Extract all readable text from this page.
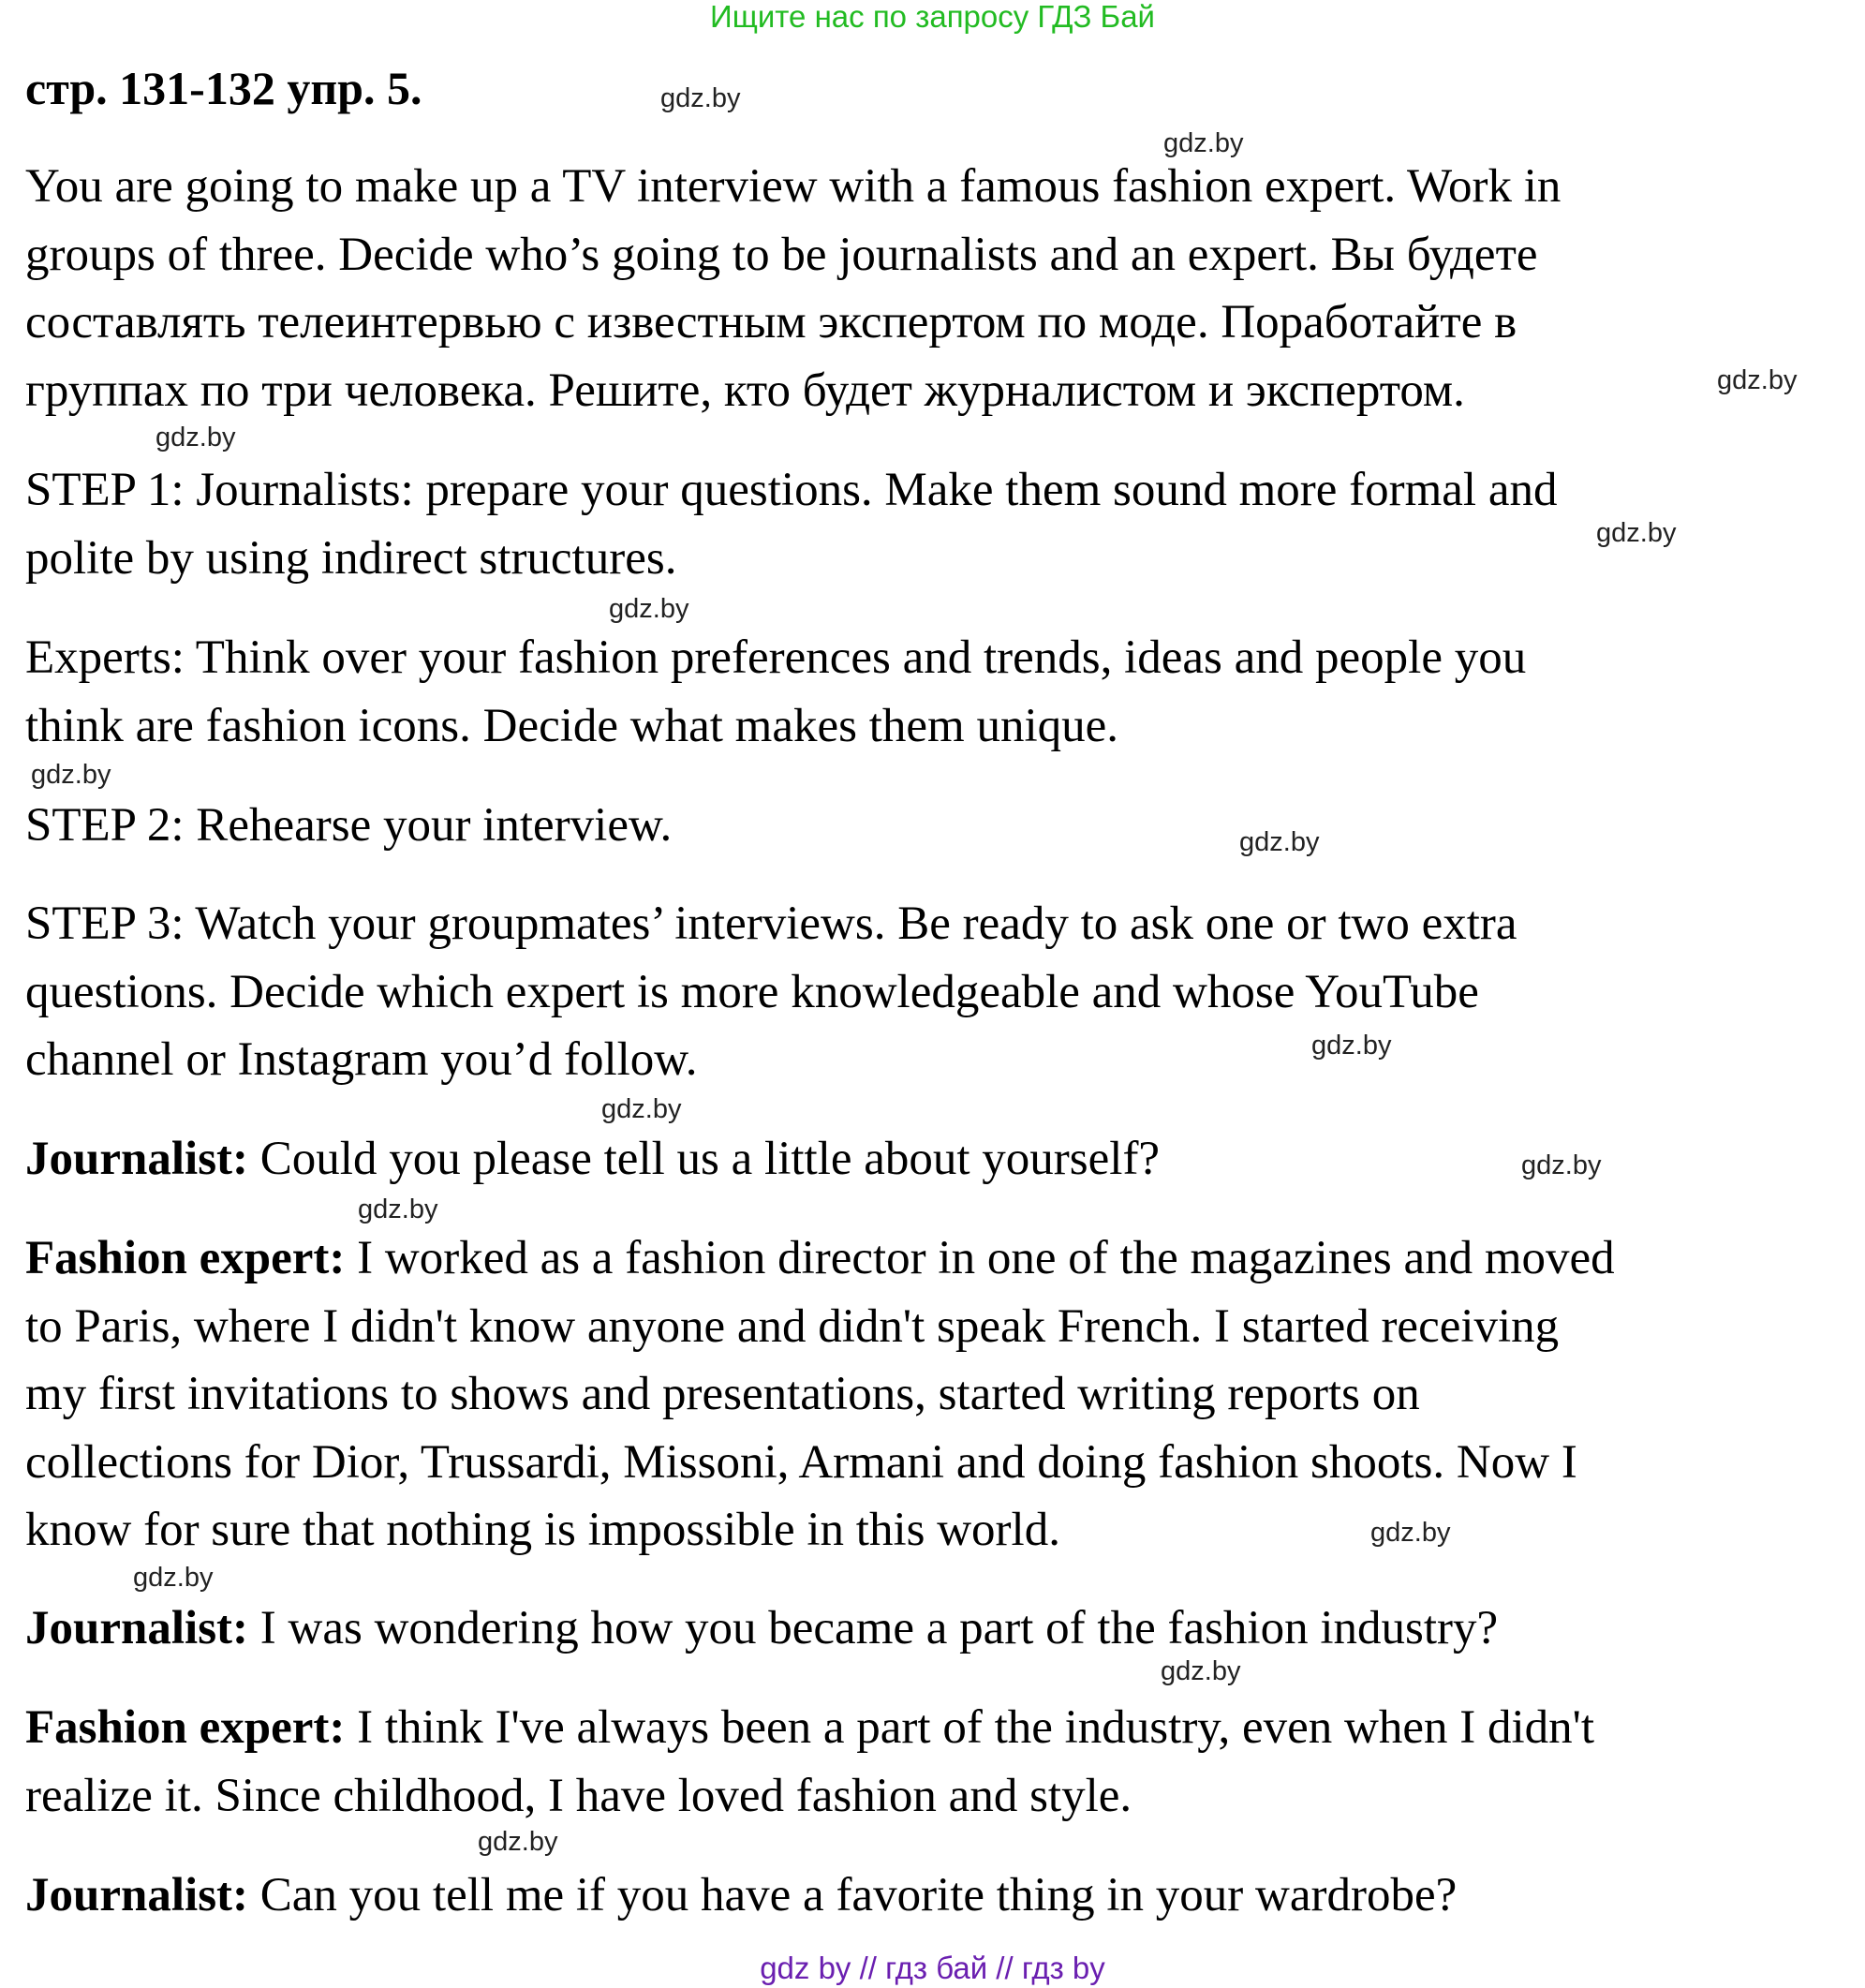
Ищите нас по запросу ГДЗ Бай
стр. 131-132 упр. 5.

You are going to make up a TV interview with a famous fashion expert. Work in
groups of three. Decide who’s going to be journalists and an expert. Вы будете
составлять телеинтервью с известным экспертом по моде. Поработайте в
группах по три человека. Решите, кто будет журналистом и экспертом.

STEP 1: Journalists: prepare your questions. Make them sound more formal and
polite by using indirect structures.

Experts: Think over your fashion preferences and trends, ideas and people you
think are fashion icons. Decide what makes them unique.

STEP 2: Rehearse your interview.

STEP 3: Watch your groupmates’ interviews. Be ready to ask one or two extra
questions. Decide which expert is more knowledgeable and whose YouTube
channel or Instagram you’d follow.

Journalist: Could you please tell us a little about yourself?

Fashion expert: I worked as a fashion director in one of the magazines and moved
to Paris, where I didn't know anyone and didn't speak French. I started receiving
my first invitations to shows and presentations, started writing reports on
collections for Dior, Trussardi, Missoni, Armani and doing fashion shoots. Now I
know for sure that nothing is impossible in this world.

Journalist: I was wondering how you became a part of the fashion industry?

Fashion expert: I think I've always been a part of the industry, even when I didn't
realize it. Since childhood, I have loved fashion and style.

Journalist: Can you tell me if you have a favorite thing in your wardrobe?

gdz.by
gdz.by
gdz.by
gdz.by
gdz.by
gdz.by
gdz.by
gdz.by
gdz.by
gdz.by
gdz.by
gdz.by
gdz.by
gdz.by
gdz.by
gdz.by
gdz by // гдз бай // гдз by
